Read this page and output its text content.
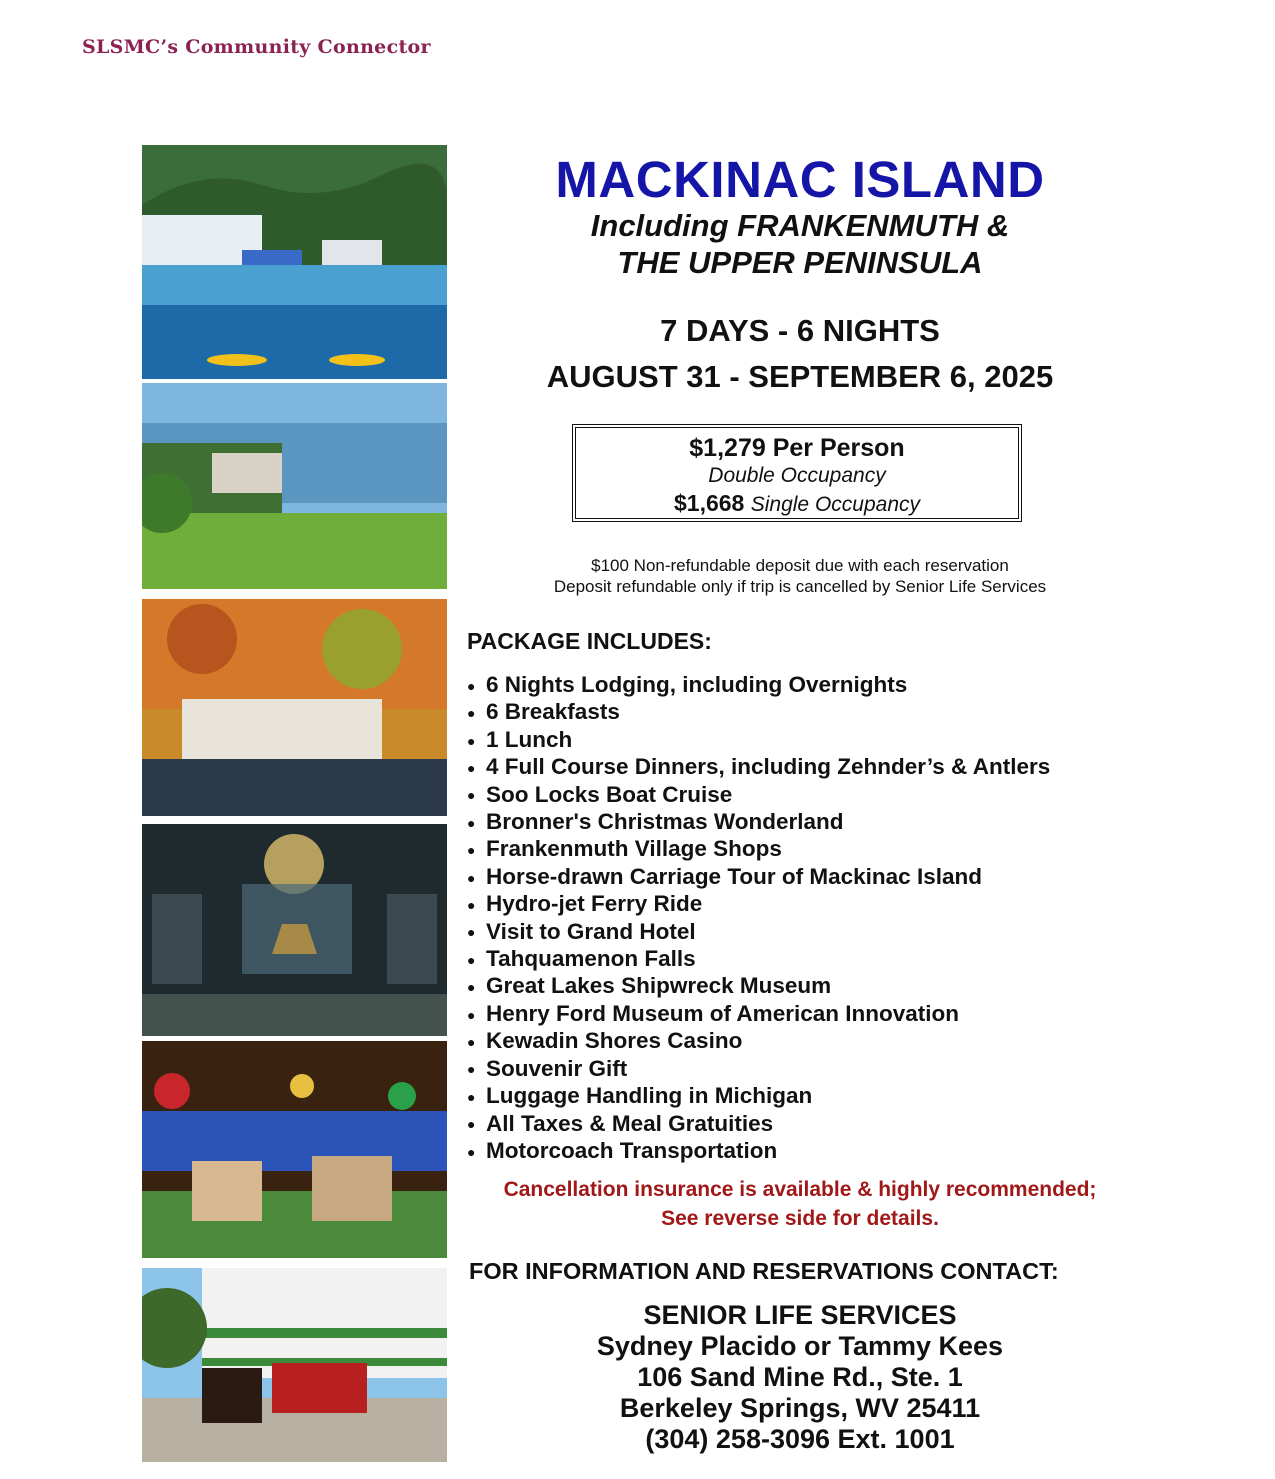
SLSMC’s Community Connector
MACKINAC ISLAND
Including FRANKENMUTH &
THE UPPER PENINSULA
7 DAYS - 6 NIGHTS
AUGUST 31 - SEPTEMBER 6, 2025
$100 Non-refundable deposit due with each reservation
Deposit refundable only if trip is cancelled by Senior Life Services
Cancellation insurance is available & highly recommended;
See reverse side for details.
SENIOR LIFE SERVICES
Sydney Placido or Tammy Kees
106 Sand Mine Rd., Ste. 1
Berkeley Springs, WV 25411
(304) 258-3096 Ext. 1001
$1,279 Per Person
Double Occupancy
$1,668 Single Occupancy
PACKAGE INCLUDES:
● 6 Nights Lodging, including Overnights
● 6 Breakfasts
● 1 Lunch
● 4 Full Course Dinners, including Zehnder’s & Antlers
● Soo Locks Boat Cruise
● Bronner's Christmas Wonderland
● Frankenmuth Village Shops
● Horse-drawn Carriage Tour of Mackinac Island
● Hydro-jet Ferry Ride
● Visit to Grand Hotel
● Tahquamenon Falls
● Great Lakes Shipwreck Museum
● Henry Ford Museum of American Innovation
● Kewadin Shores Casino
● Souvenir Gift
● Luggage Handling in Michigan
● All Taxes & Meal Gratuities
● Motorcoach Transportation
FOR INFORMATION AND RESERVATIONS CONTACT:
